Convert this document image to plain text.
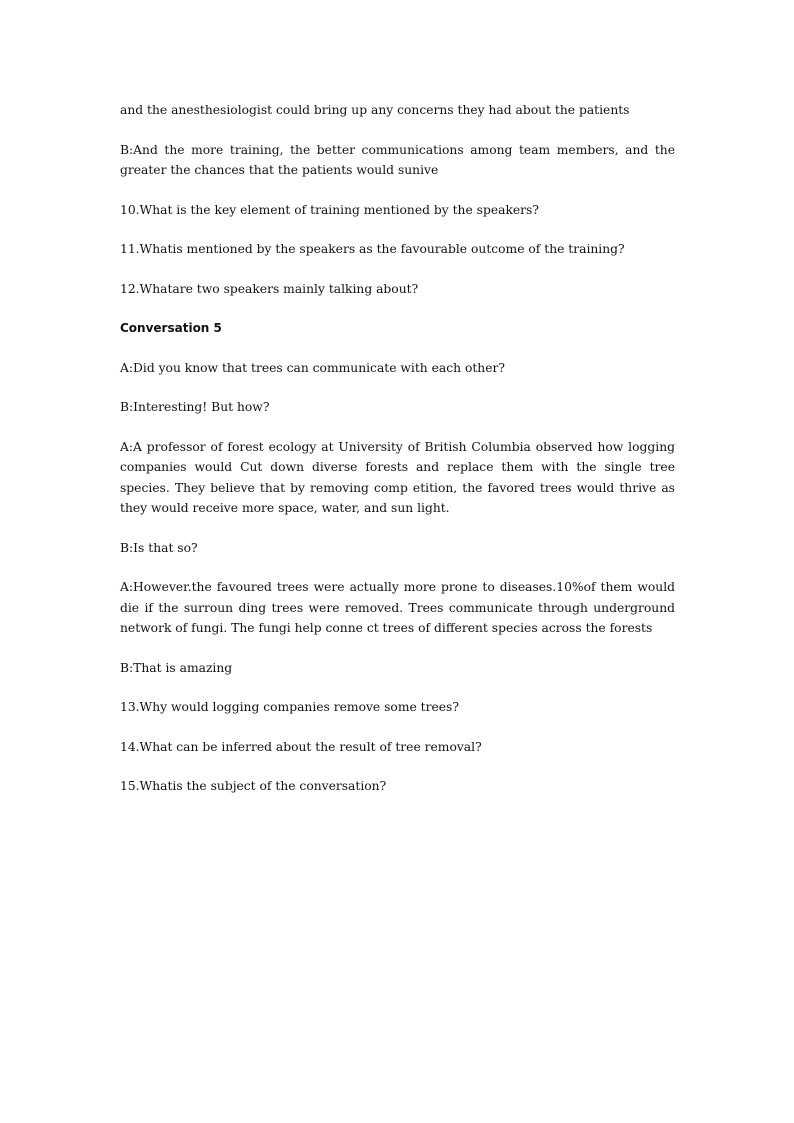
and the anesthesiologist could bring up any concerns they had about the patients

B:And the more training, the better communications among team members, and the greater the chances that the patients would sunive

10.What is the key element of training mentioned by the speakers?

11.Whatis mentioned by the speakers as the favourable outcome of the training?

12.Whatare two speakers mainly talking about?

Conversation 5

A:Did you know that trees can communicate with each other?

B:Interesting! But how?

A:A professor of forest ecology at University of British Columbia observed how logging companies would Cut down diverse forests and replace them with the single tree species. They believe that by removing comp etition, the favored trees would thrive as they would receive more space, water, and sun light.

B:Is that so?

A:However.the favoured trees were actually more prone to diseases.10%of them would die if the surroun ding trees were removed. Trees communicate through underground network of fungi. The fungi help conne ct trees of different species across the forests

B:That is amazing

13.Why would logging companies remove some trees?

14.What can be inferred about the result of tree removal?

15.Whatis the subject of the conversation?
